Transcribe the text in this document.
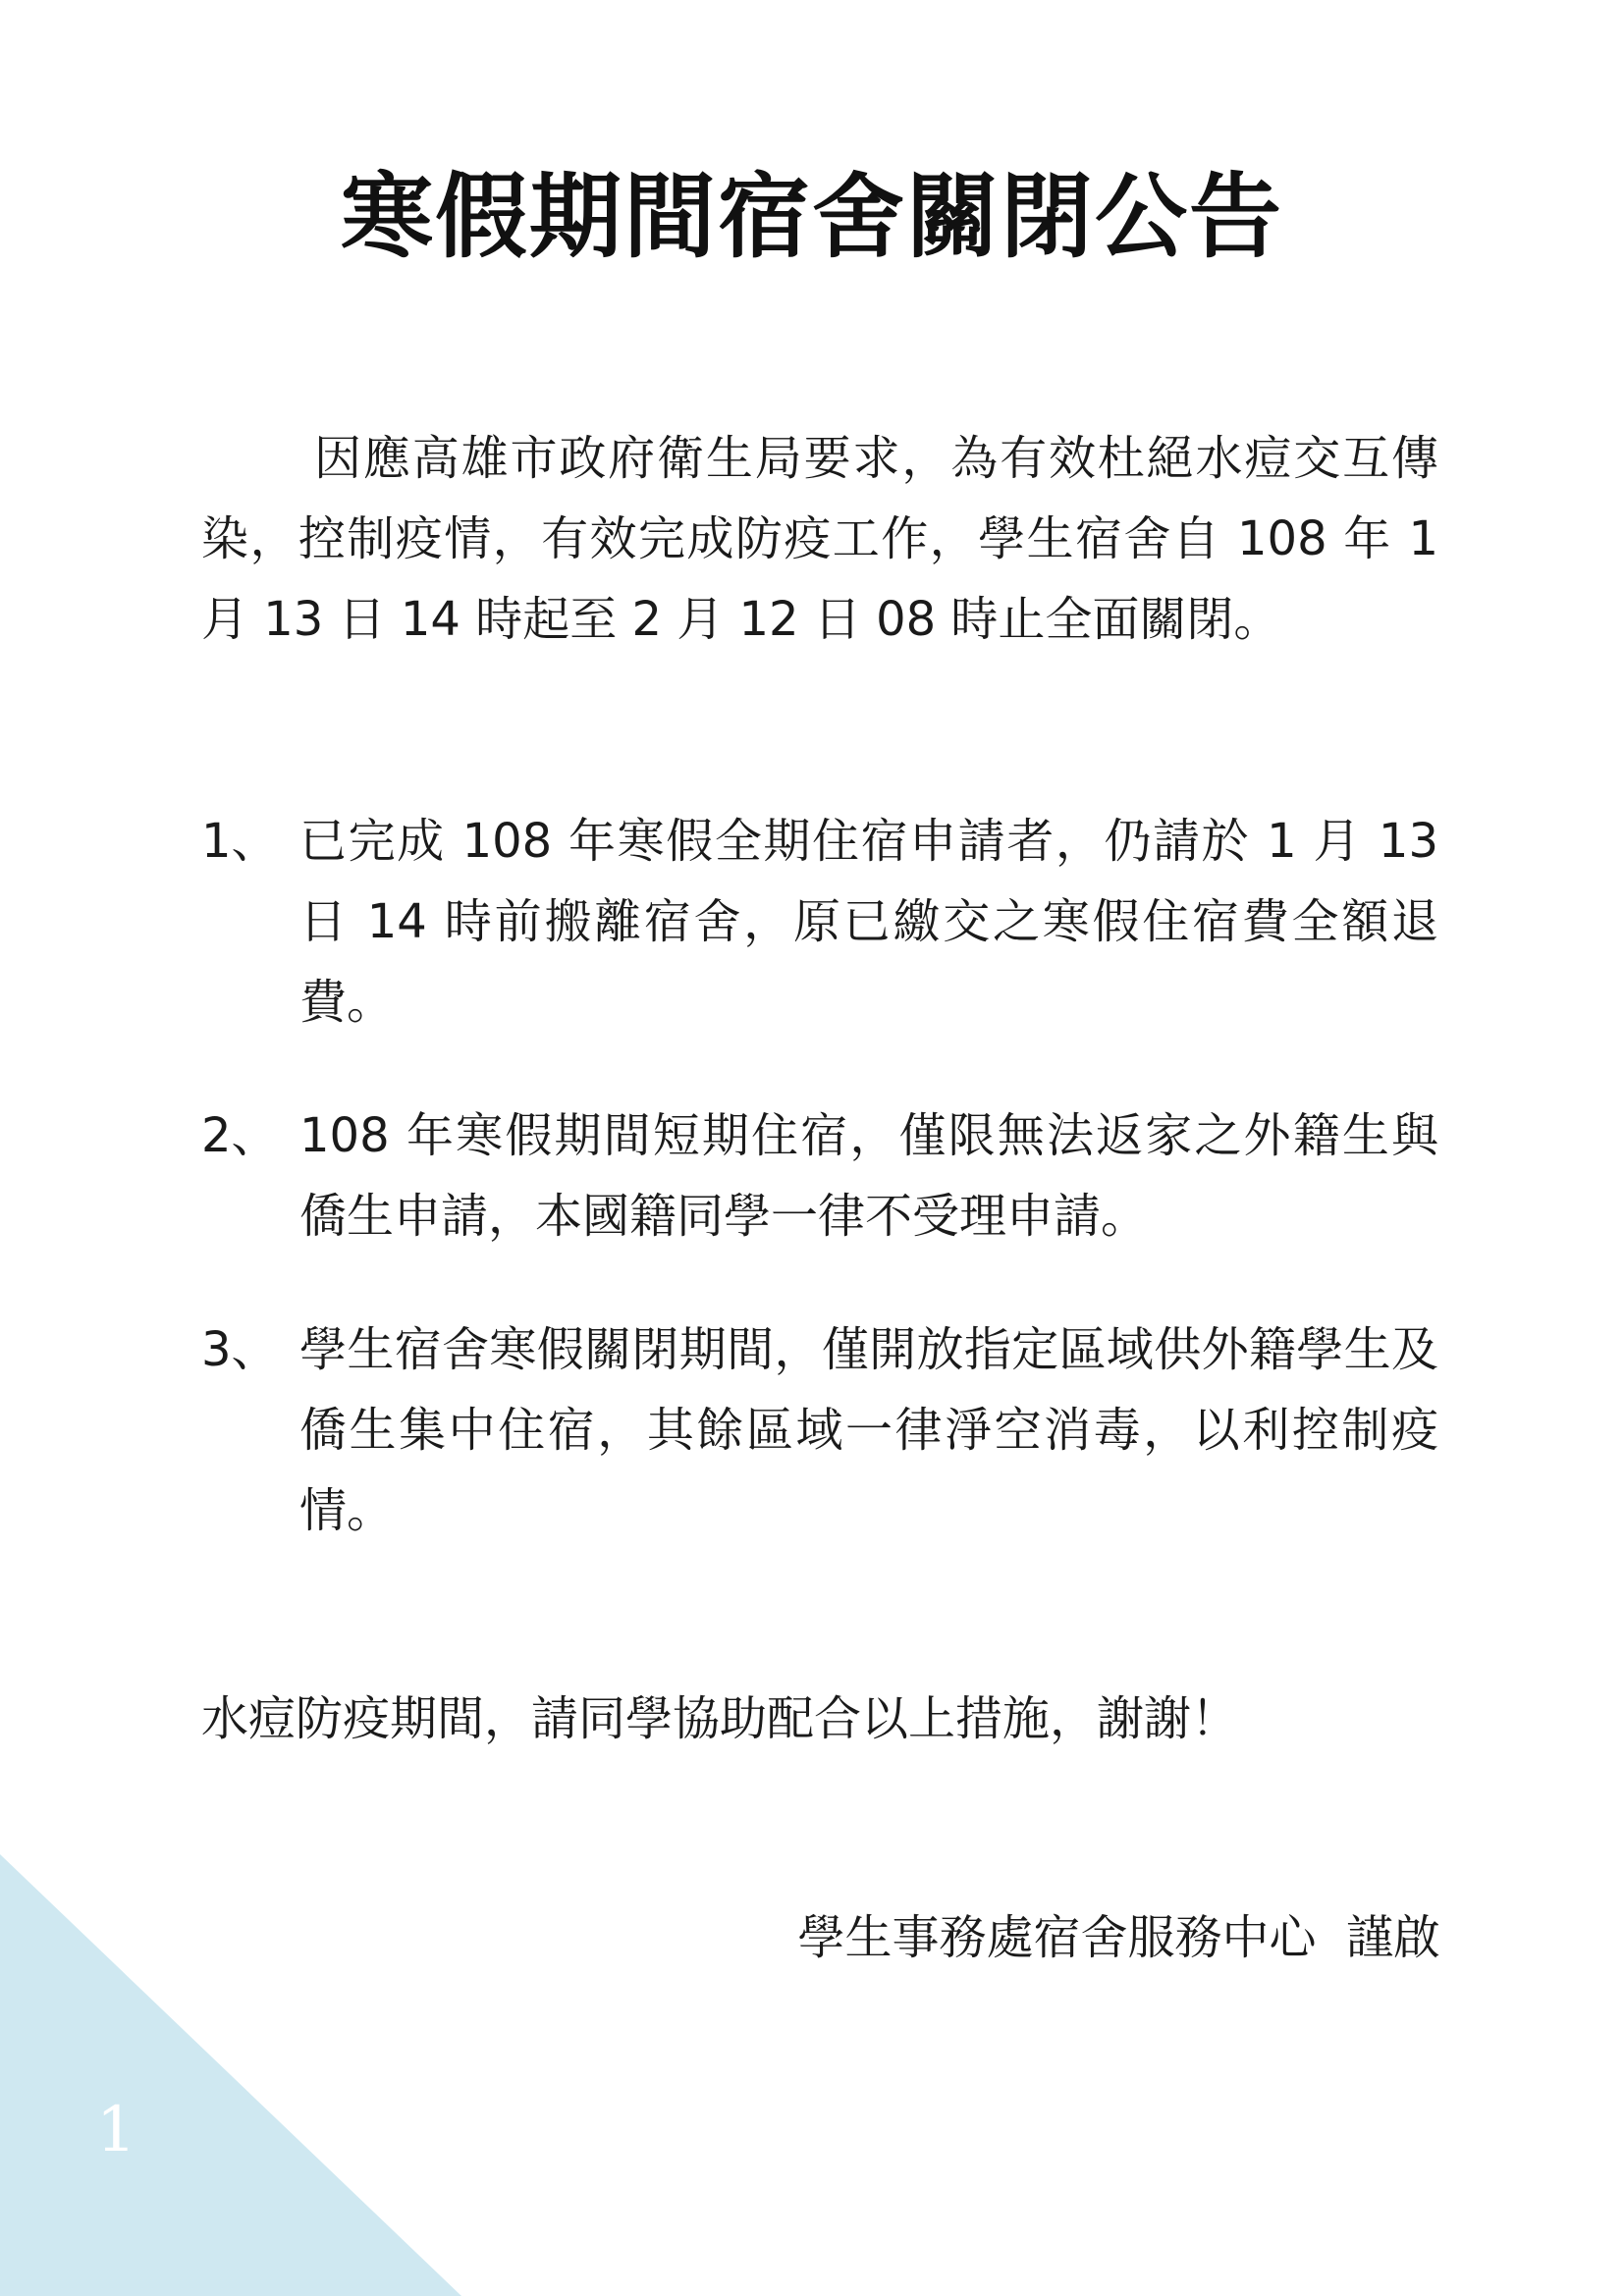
1
寒假期間宿舍關閉公告

因應高雄市政府衛生局要求，為有效杜絕水痘交互傳染，控制疫情，有效完成防疫工作，學生宿舍自 108 年 1 月 13 日 14 時起至 2 月 12 日 08 時止全面關閉。

1、 已完成 108 年寒假全期住宿申請者，仍請於 1 月 13 日 14 時前搬離宿舍，原已繳交之寒假住宿費全額退費。
2、 108 年寒假期間短期住宿，僅限無法返家之外籍生與僑生申請，本國籍同學一律不受理申請。
3、 學生宿舍寒假關閉期間，僅開放指定區域供外籍學生及僑生集中住宿，其餘區域一律淨空消毒，以利控制疫情。

水痘防疫期間，請同學協助配合以上措施，謝謝！

學生事務處宿舍服務中心  謹啟
